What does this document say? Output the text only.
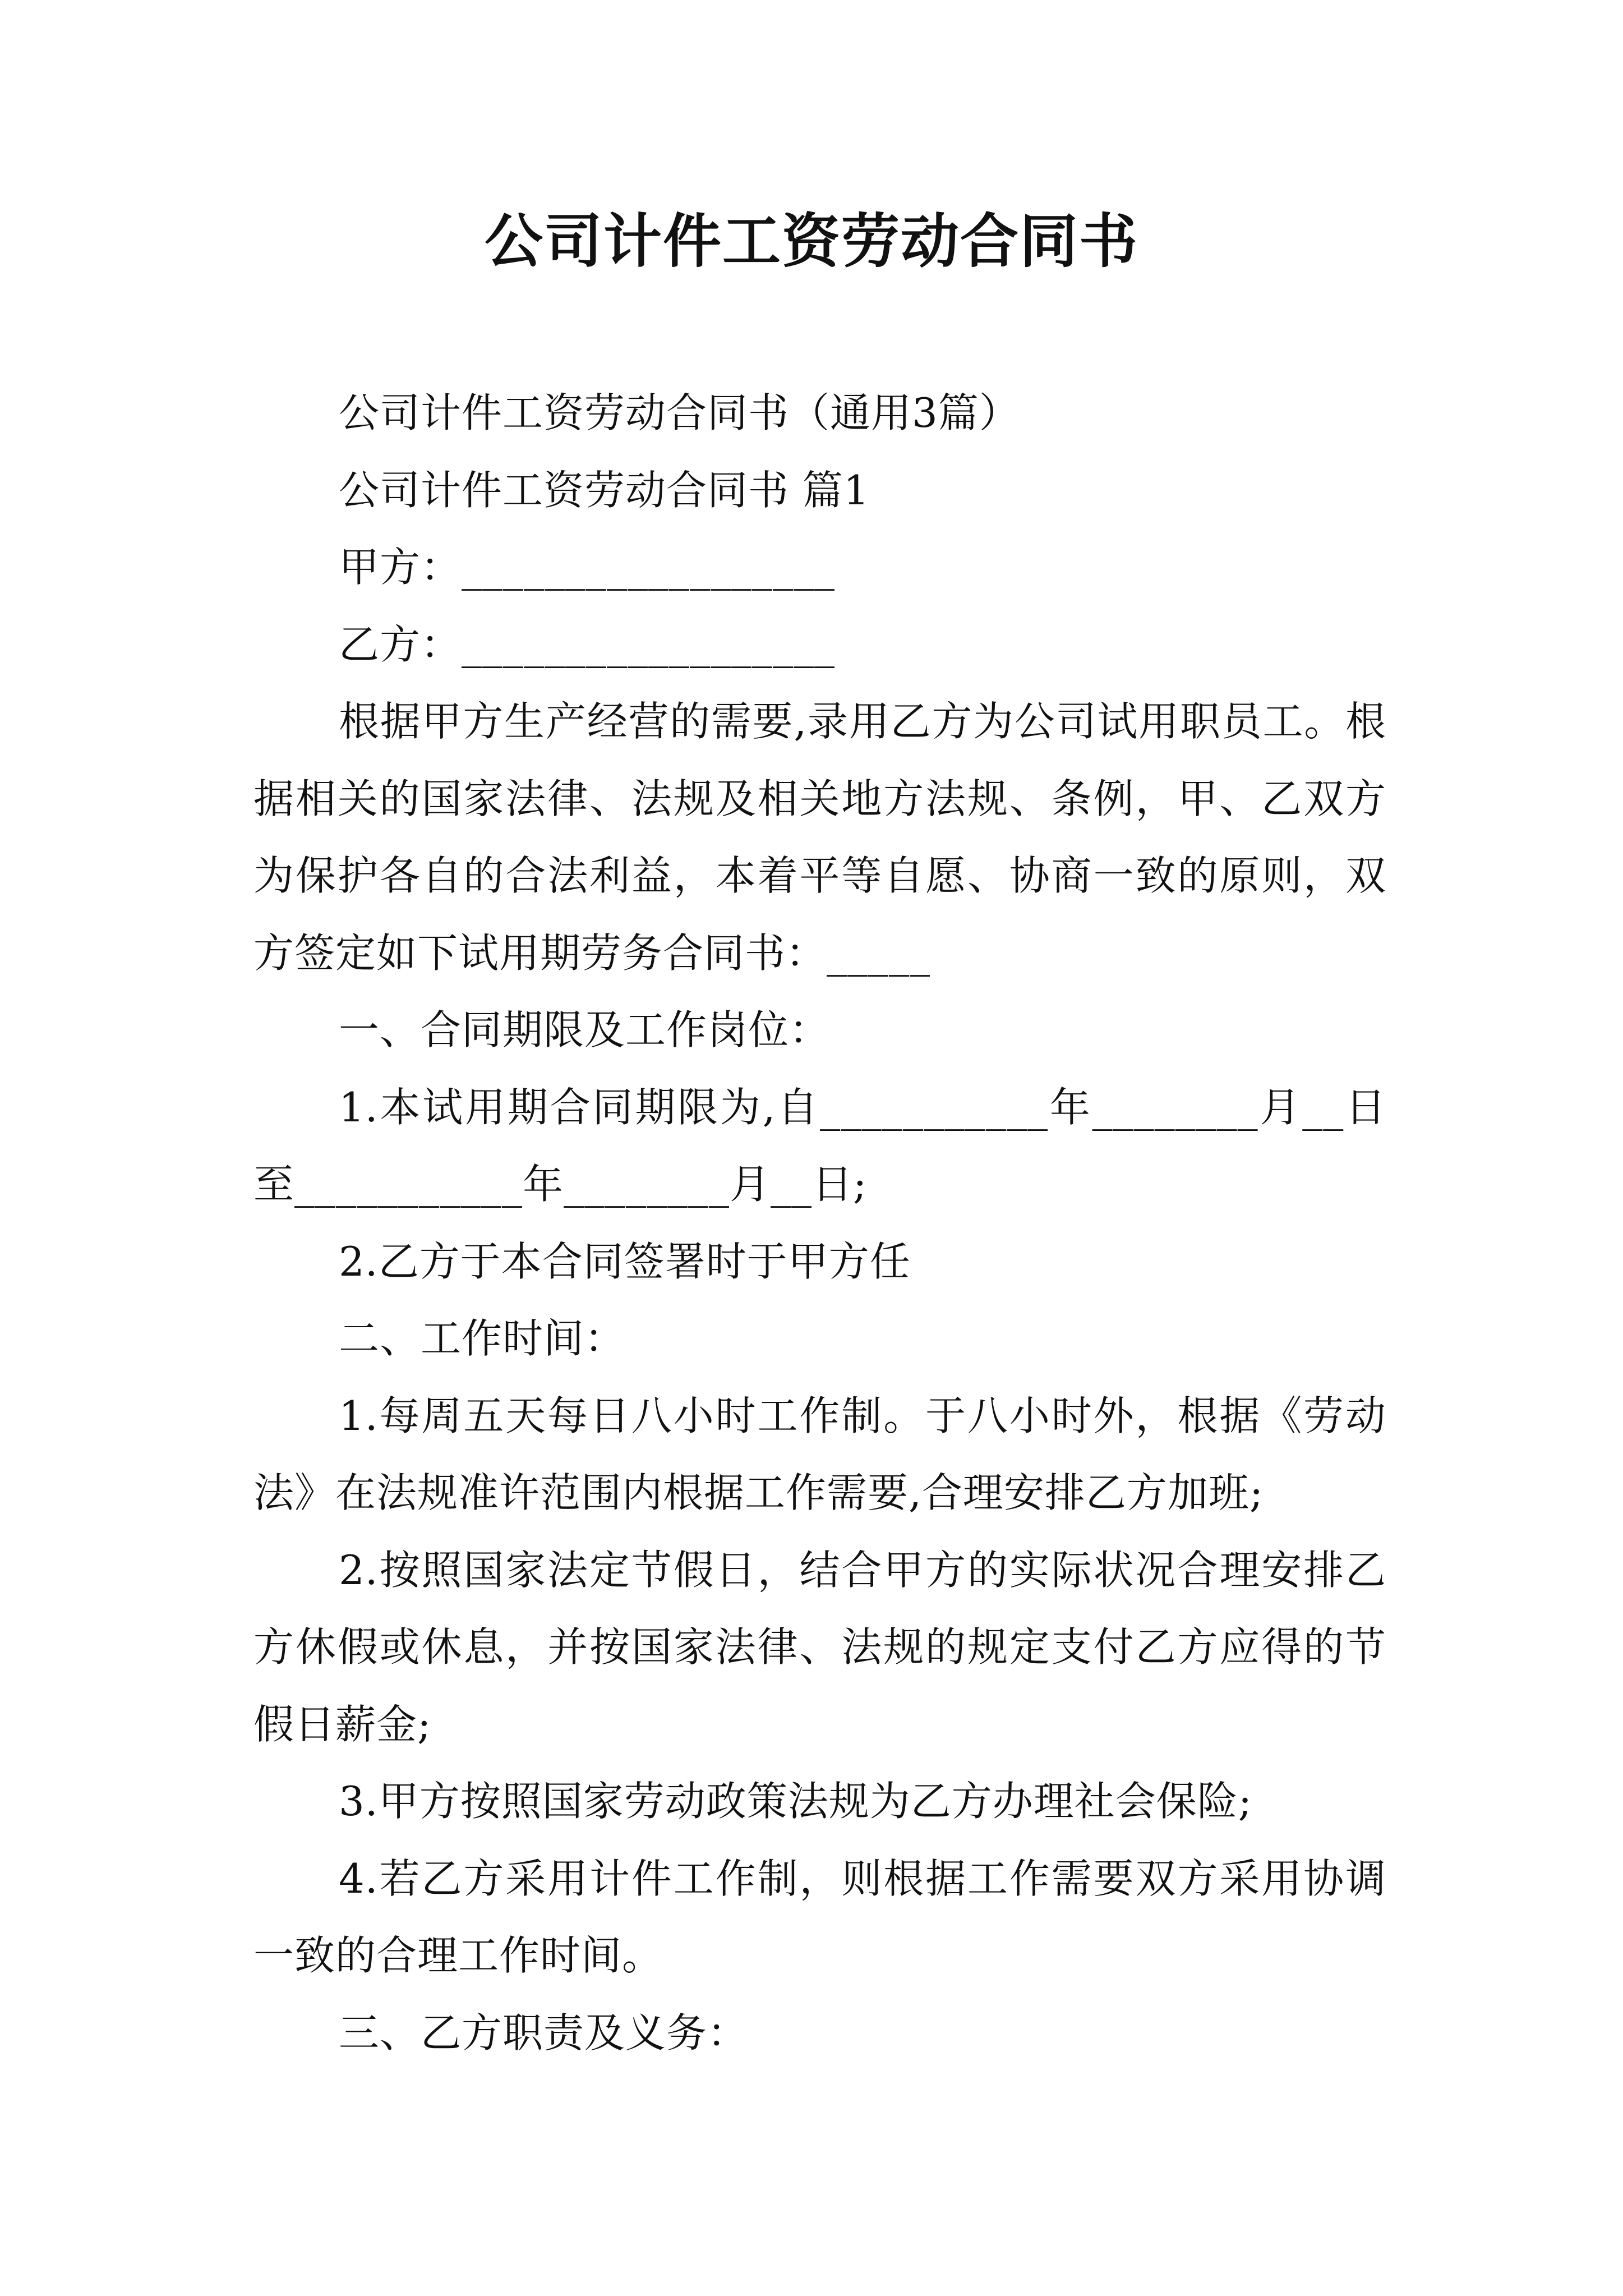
公司计件工资劳动合同书

公司计件工资劳动合同书（通用3篇）

公司计件工资劳动合同书 篇1

甲方：__________________

乙方：__________________

根据甲方生产经营的需要,录用乙方为公司试用职员工。根据相关的国家法律、法规及相关地方法规、条例，甲、乙双方为保护各自的合法利益，本着平等自愿、协商一致的原则，双方签定如下试用期劳务合同书：_____

一、合同期限及工作岗位：

1.本试用期合同期限为,自___________年________月__日至___________年________月__日;

2.乙方于本合同签署时于甲方任

二、工作时间：

1.每周五天每日八小时工作制。于八小时外，根据《劳动法》在法规准许范围内根据工作需要,合理安排乙方加班;

2.按照国家法定节假日，结合甲方的实际状况合理安排乙方休假或休息，并按国家法律、法规的规定支付乙方应得的节假日薪金;

3.甲方按照国家劳动政策法规为乙方办理社会保险;

4.若乙方采用计件工作制，则根据工作需要双方采用协调一致的合理工作时间。

三、乙方职责及义务：
